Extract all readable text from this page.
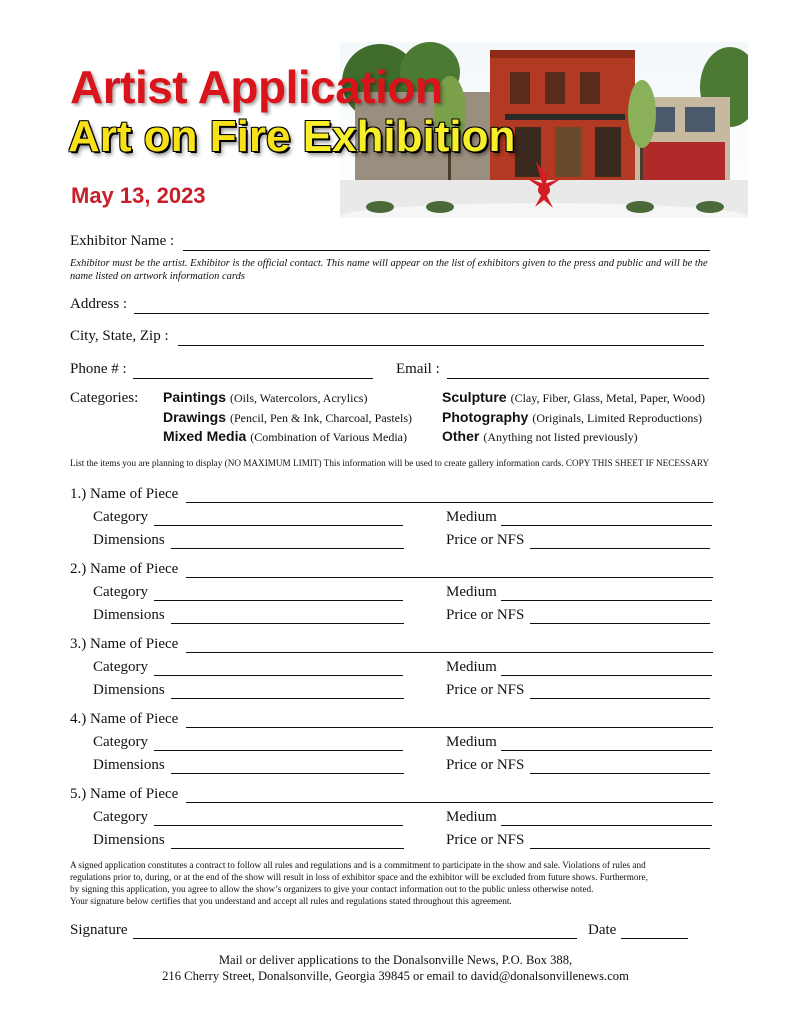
Artist Application
Art on Fire Exhibition
May 13, 2023
Exhibitor Name :
Exhibitor must be the artist. Exhibitor is the official contact. This name will appear on the list of exhibitors given to the press and public and will be the name listed on artwork information cards
Address :
City, State, Zip :
Phone # :	Email :
Categories: Paintings (Oils, Watercolors, Acrylics)	Sculpture (Clay, Fiber, Glass, Metal, Paper, Wood)
Drawings (Pencil, Pen & Ink, Charcoal, Pastels) Photography (Originals, Limited Reproductions)
Mixed Media (Combination of Various Media) Other (Anything not listed previously)
List the items you are planning to display (NO MAXIMUM LIMIT) This information will be used to create gallery information cards. COPY THIS SHEET IF NECESSARY
1.) Name of Piece
Category	Medium
Dimensions	Price or NFS
2.) Name of Piece
Category	Medium
Dimensions	Price or NFS
3.) Name of Piece
Category	Medium
Dimensions	Price or NFS
4.) Name of Piece
Category	Medium
Dimensions	Price or NFS
5.) Name of Piece
Category	Medium
Dimensions	Price or NFS
A signed application constitutes a contract to follow all rules and regulations and is a commitment to participate in the show and sale. Violations of rules and
regulations prior to, during, or at the end of the show will result in loss of exhibitor space and the exhibitor will be excluded from future shows. Furthermore,
by signing this application, you agree to allow the show’s organizers to give your contact information out to the public unless otherwise noted.
Your signature below certifies that you understand and accept all rules and regulations stated throughout this agreement.
Signature	Date
Mail or deliver applications to the Donalsonville News, P.O. Box 388,
216 Cherry Street, Donalsonville, Georgia 39845 or email to david@donalsonvillenews.com
